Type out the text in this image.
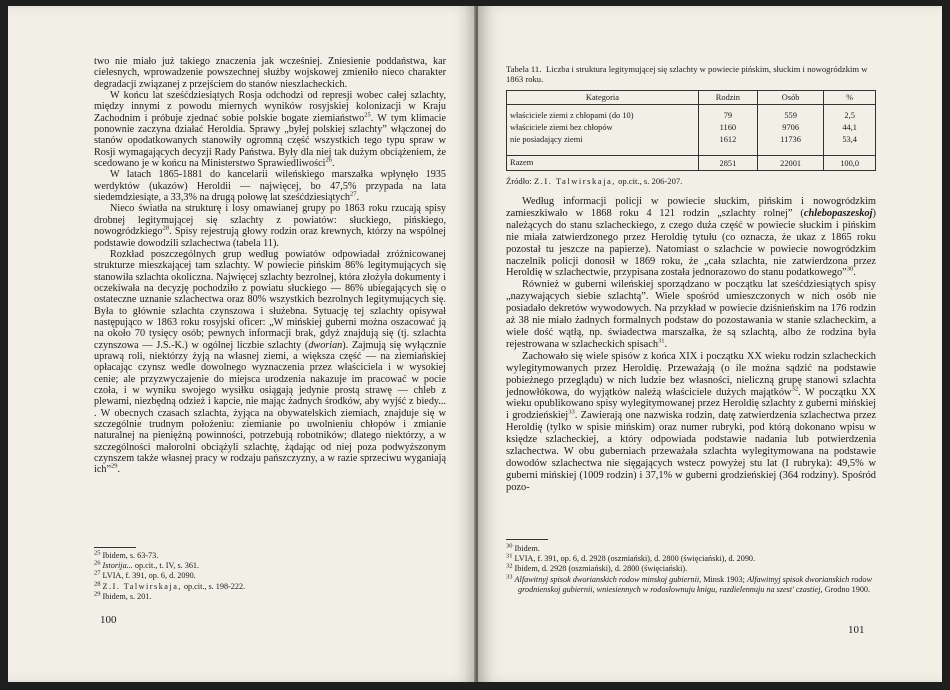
two nie miało już takiego znaczenia jak wcześniej. Zniesienie poddaństwa, kar cielesnych, wprowadzenie powszechnej służby wojskowej zmieniło nieco charakter degradacji związanej z przejściem do stanów nieszlacheckich.

W końcu lat sześćdziesiątych Rosja odchodzi od represji wobec całej szlachty, między innymi z powodu miernych wyników rosyjskiej kolonizacji w Kraju Zachodnim i próbuje zjednać sobie polskie bogate ziemiaństwo$^{25}$. W tym klimacie ponownie zaczyna działać Heroldia. Sprawy „byłej polskiej szlachty” włączonej do stanów opodatkowanych stanowiły ogromną część wszystkich tego typu spraw w Rosji wymagających decyzji Rady Państwa. Były dla niej tak dużym obciążeniem, że scedowano je w końcu na Ministerstwo Sprawiedliwości$^{26}$.

W latach 1865-1881 do kancelarii wileńskiego marszałka wpłynęło 1935 werdyktów (ukazów) Heroldii — najwięcej, bo 47,5% przypada na lata siedemdziesiąte, a 33,3% na drugą połowę lat sześćdziesiątych$^{27}$.

Nieco światła na strukturę i losy omawianej grupy po 1863 roku rzucają spisy drobnej legitymującej się szlachty z powiatów: słuckiego, pińskiego, nowogródzkiego$^{28}$. Spisy rejestrują głowy rodzin oraz krewnych, którzy na wspólnej podstawie dowodzili szlachectwa (tabela 11).

Rozkład poszczególnych grup według powiatów odpowiadał zróżnicowanej strukturze mieszkającej tam szlachty. W powiecie pińskim 86% legitymujących się stanowiła szlachta okoliczna. Najwięcej szlachty bezrolnej, która złożyła dokumenty i oczekiwała na decyzję pochodziło z powiatu słuckiego — 86% ubiegających się o ostateczne uznanie szlachectwa oraz 80% wszystkich bezrolnych legitymujących się. Była to głównie szlachta czynszowa i służebna. Sytuację tej szlachty opisywał następująco w 1863 roku rosyjski oficer: „W mińskiej guberni można oszacować ją na około 70 tysięcy osób; pewnych informacji brak, gdyż znajdują się (tj. szlachta czynszowa — J.S.-K.) w ogólnej liczbie szlachty (dworian). Zajmują się wyłącznie uprawą roli, niektórzy żyją na własnej ziemi, a większa część — na ziemiańskiej opłacając czynsz wedle dowolnego wyznaczenia przez właściciela i w wysokiej cenie; ale przyzwyczajenie do miejsca urodzenia nakazuje im pracować w pocie czoła, i w wyniku swojego wysiłku osiągają jedynie prostą strawę — chleb z plewami, niezbędną odzież i kapcie, nie mając żadnych środków, aby wyjść z biedy... . W obecnych czasach szlachta, żyjąca na obywatelskich ziemiach, znajduje się w szczególnie trudnym położeniu: ziemianie po uwolnieniu chłopów i zmianie naturalnej na pieniężną powinności, potrzebują robotników; dlatego niektórzy, a w szczególności małorolni obciążyli szlachtę, żądając od niej poza podwyższonym czynszem także własnej pracy w rodzaju pańszczyzny, a w razie sprzeciwu wyganiają ich”$^{29}$.

$^{25}$ Ibidem, s. 63-73.
$^{26}$ Istorija... op.cit., t. IV, s. 361.
$^{27}$ LVIA, f. 391, op. 6, d. 2090.
$^{28}$ Z.I. Talwirskaja, op.cit., s. 198-222.
$^{29}$ Ibidem, s. 201.
100
Tabela 11. Liczba i struktura legitymującej się szlachty w powiecie pińskim, słuckim i nowogródzkim w 1863 roku.
Kategoria	Rodzin	Osób	%

właściciele ziemi z chłopami (do 10)	79	559	2,5
właściciele ziemi bez chłopów	1160	9706	44,1
nie posiadający ziemi	1612	11736	53,4

Razem	2851	22001	100,0
Źródło: Z.I. Talwirskaja, op.cit., s. 206-207.

Według informacji policji w powiecie słuckim, pińskim i nowogródzkim zamieszkiwało w 1868 roku 4 121 rodzin „szlachty rolnej” (chlebopaszeskoj) należących do stanu szlacheckiego, z czego duża część w powiecie słuckim i pińskim nie miała zatwierdzonego przez Heroldię tytułu (co oznacza, że ukaz z 1865 roku pozostał tu jeszcze na papierze). Natomiast o szlachcie w powiecie nowogródzkim naczelnik policji donosił w 1869 roku, że „cała szlachta, nie zatwierdzona przez Heroldię w szlachectwie, przypisana została jednorazowo do stanu podatkowego”$^{30}$.

Również w guberni wileńskiej sporządzano w początku lat sześćdziesiątych spisy „nazywających siebie szlachtą”. Wiele spośród umieszczonych w nich osób nie posiadało dekretów wywodowych. Na przykład w powiecie dziśnieńskim na 176 rodzin aż 38 nie miało żadnych formalnych podstaw do pozostawania w stanie szlacheckim, a wiele dość wątłą, np. świadectwa marszałka, że są szlachtą, albo że rodzina była rejestrowana w szlacheckich spisach$^{31}$.

Zachowało się wiele spisów z końca XIX i początku XX wieku rodzin szlacheckich wylegitymowanych przez Heroldię. Przeważają (o ile można sądzić na podstawie pobieżnego przeglądu) w nich ludzie bez własności, nieliczną grupę stanowi szlachta jednowłókowa, do wyjątków należą właściciele dużych majątków$^{32}$. W początku XX wieku opublikowano spisy wylegitymowanej przez Heroldię szlachty z guberni mińskiej i grodzieńskiej$^{33}$. Zawierają one nazwiska rodzin, datę zatwierdzenia szlachectwa przez Heroldię (tylko w spisie mińskim) oraz numer rubryki, pod którą dokonano wpisu w księdze szlacheckiej, a który odpowiada podstawie nadania lub potwierdzenia szlachectwa. W obu guberniach przeważała szlachta wylegitymowana na podstawie dowodów szlachectwa nie sięgających wstecz powyżej stu lat (I rubryka): 49,5% w guberni mińskiej (1009 rodzin) i 37,1% w guberni grodzieńskiej (364 rodziny). Spośród pozo-

$^{30}$ Ibidem.
$^{31}$ LVIA, f. 391, op. 6, d. 2928 (oszmiański), d. 2800 (święciański), d. 2090.
$^{32}$ Ibidem, d. 2928 (oszmiański), d. 2800 (święciański).
$^{33}$ Alfawitnyj spisok dworianskich rodow minskoj gubiernii, Minsk 1903; Alfawitnyj spisok dworianskich rodow grodnienskoj gubiernii, wniesiennych w rodosłownuju knigu, razdielennuju na szest' czastiej, Grodno 1900.
101
